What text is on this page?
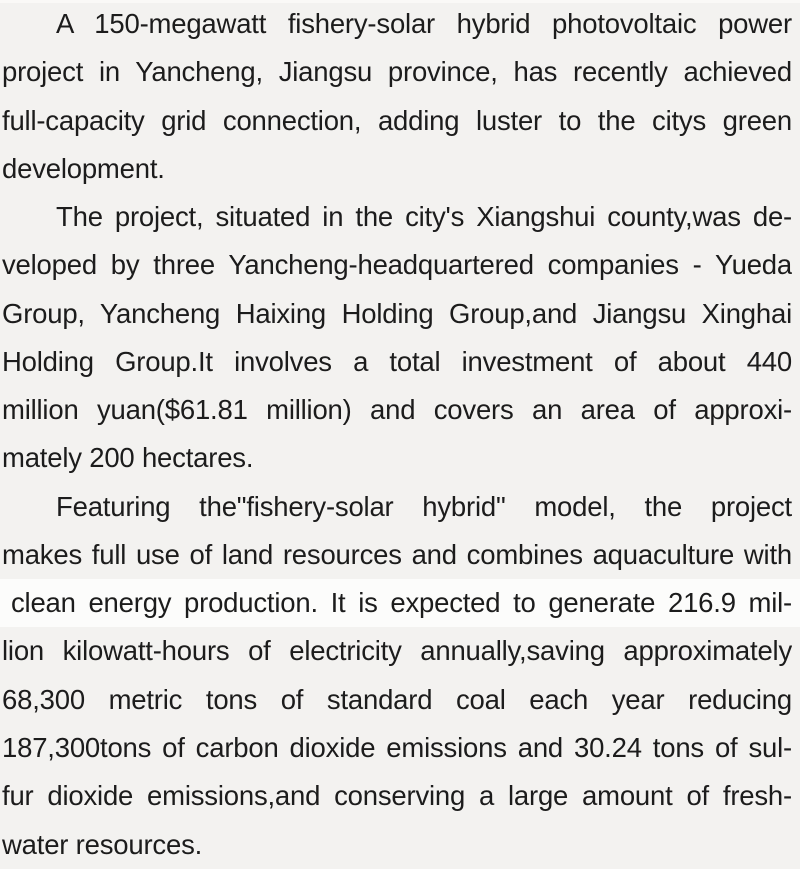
A 150-megawatt fishery-solar hybrid photovoltaic power
project in Yancheng, Jiangsu province, has recently achieved
full-capacity grid connection, adding luster to the citys green
development.
The project, situated in the city's Xiangshui county,was de-
veloped by three Yancheng-headquartered companies - Yueda
Group, Yancheng Haixing Holding Group,and Jiangsu Xinghai
Holding Group.It involves a total investment of about 440
million yuan($61.81 million) and covers an area of approxi-
mately 200 hectares.
Featuring the"fishery-solar hybrid" model, the project
makes full use of land resources and combines aquaculture with
clean energy production. It is expected to generate 216.9 mil-
lion kilowatt-hours of electricity annually,saving approximately
68,300 metric tons of standard coal each year reducing
187,300tons of carbon dioxide emissions and 30.24 tons of sul-
fur dioxide emissions,and conserving a large amount of fresh-
water resources.
